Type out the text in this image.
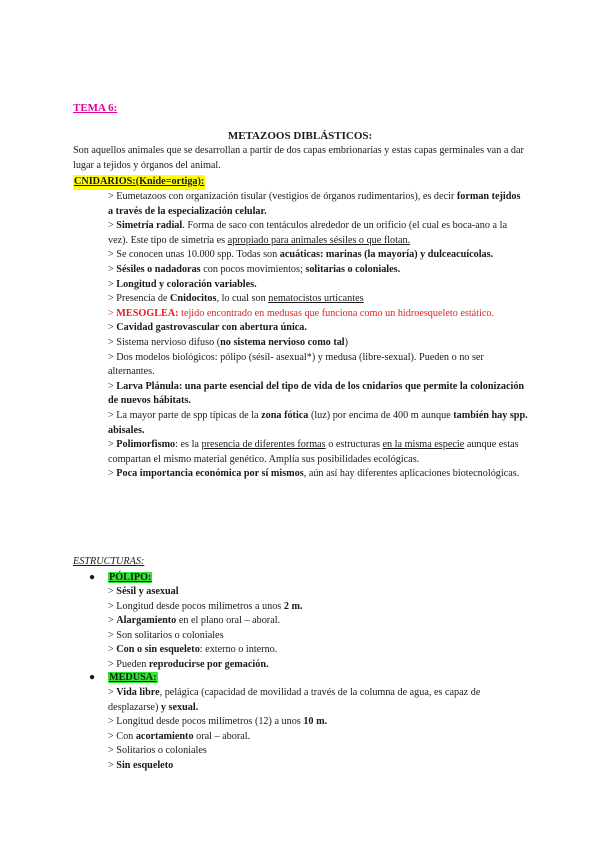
TEMA 6:
METAZOOS DIBLÁSTICOS:
Son aquellos animales que se desarrollan a partir de dos capas embrionarias y estas capas germinales van a dar lugar a tejidos y órganos del animal.
CNIDARIOS:(Knide=ortiga):
> Eumetazoos con organización tisular (vestigios de órganos rudimentarios), es decir forman tejidos a través de la especialización celular.
> Simetría radial. Forma de saco con tentáculos alrededor de un orificio (el cual es boca-ano a la vez). Este tipo de simetría es apropiado para animales sésiles o que flotan.
> Se conocen unas 10.000 spp. Todas son acuáticas: marinas (la mayoría) y dulceacuícolas.
> Sésiles o nadadoras con pocos movimientos; solitarias o coloniales.
> Longitud y coloración variables.
> Presencia de Cnidocitos, lo cual son nematocistos urticantes
> MESOGLEA: tejido encontrado en medusas que funciona como un hidroesqueleto estático.
> Cavidad gastrovascular con abertura única.
> Sistema nervioso difuso (no sistema nervioso como tal)
> Dos modelos biológicos: pólipo (sésil- asexual*) y medusa (libre-sexual). Pueden o no ser alternantes.
> Larva Plánula: una parte esencial del tipo de vida de los cnidarios que permite la colonización de nuevos hábitats.
> La mayor parte de spp típicas de la zona fótica (luz) por encima de 400 m aunque también hay spp. abisales.
> Polimorfismo: es la presencia de diferentes formas o estructuras en la misma especie aunque estas compartan el mismo material genético. Amplía sus posibilidades ecológicas.
> Poca importancia económica por sí mismos, aún así hay diferentes aplicaciones biotecnológicas.
ESTRUCTURAS:
● PÓLIPO:
> Sésil y asexual
> Longitud desde pocos milímetros a unos 2 m.
> Alargamiento en el plano oral – aboral.
> Son solitarios o coloniales
> Con o sin esqueleto: externo o interno.
> Pueden reproducirse por gemación.
● MEDUSA:
> Vida libre, pelágica (capacidad de movilidad a través de la columna de agua, es capaz de desplazarse) y sexual.
> Longitud desde pocos milímetros (12) a unos 10 m.
> Con acortamiento oral – aboral.
> Solitarios o coloniales
> Sin esqueleto
